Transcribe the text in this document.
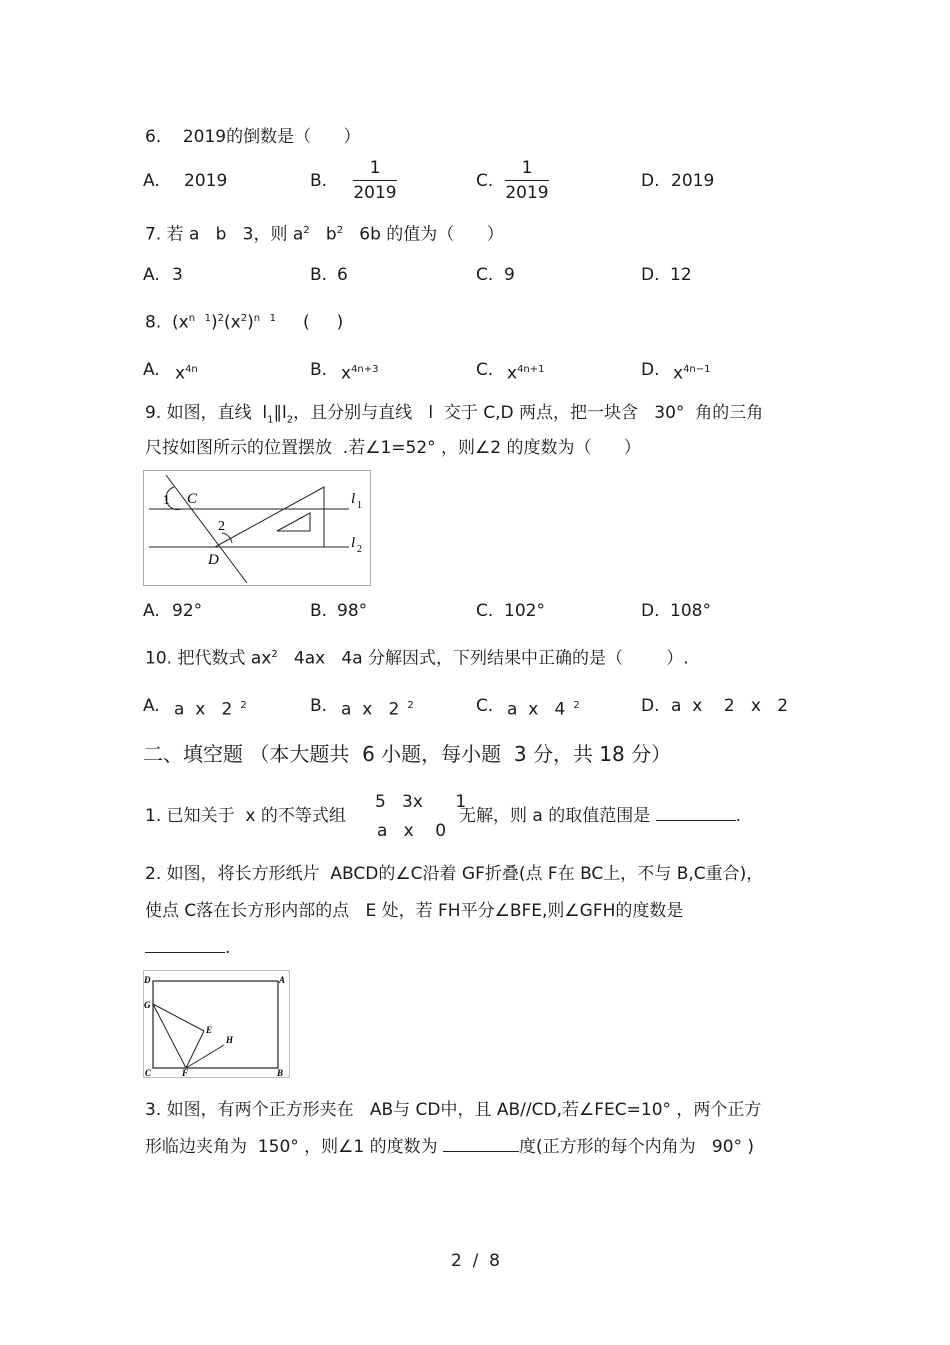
6.    2019的倒数是（      ）
A. 2019	B.
1
2019
C.
1
2019
D. 2019
7. 若 a   b   3，则 $a^2$   $b^2$   6b 的值为（      ）
A. 3	B. 6	C. 9	D. 12
8.  $(x^{n 1})^2(x^2)^{n 1}$     (     )
A. $x^{4n}$	B. $x^{4n+3}$	C. $x^{4n+1}$	D. $x^{4n-1}$
9. 如图，直线  $l_1\parallel l_2$，且分别与直线   l  交于 C,D 两点，把一块含   30°  角的三角
尺按如图所示的位置摆放  .若∠1=52° ，则∠2 的度数为（      ）
1 C
2
D
l 1
l 2
A. 92°	B. 98°	C. 102°	D. 108°
10. 把代数式 $ax^2$   4ax   4a 分解因式，下列结果中正确的是（        ）.
A. a  x   2 $^2$	B. a  x   2 $^2$	C. a  x   4 $^2$	D. a  x    2   x   2
二、填空题 （本大题共  6 小题，每小题  3 分，共 18 分）
1. 已知关于  x 的不等式组
5   3x      1
a   x    0
无解，则 a 的取值范围是	.
2. 如图，将长方形纸片  ABCD的∠C沿着 GF折叠(点 F在 BC上，不与 B,C重合)，
使点 C落在长方形内部的点   E 处，若 FH平分∠BFE,则∠GFH的度数是
.
D	A
G
E
H
C	F	B
3. 如图，有两个正方形夹在   AB与 CD中，且 AB//CD,若∠FEC=10° ，两个正方
形临边夹角为  150° ，则∠1 的度数为	度(正方形的每个内角为   90° )
2  /  8
